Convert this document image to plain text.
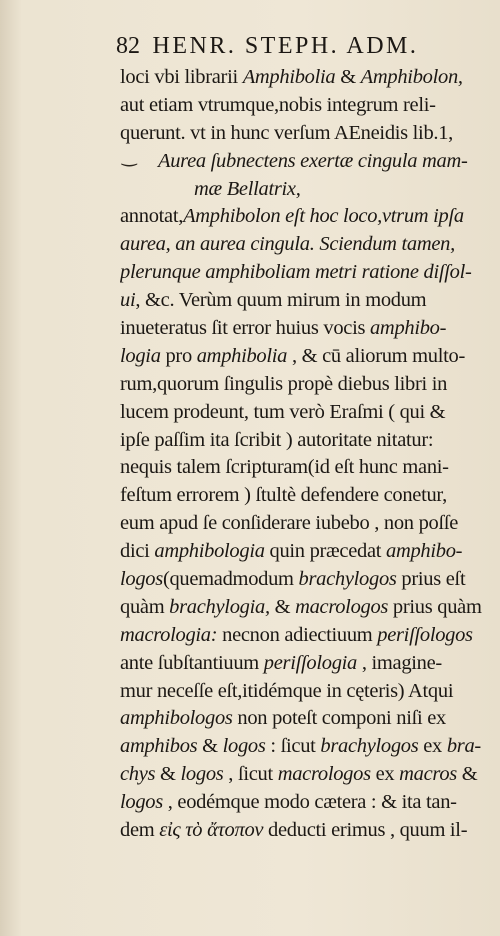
82 HENR. STEPH. ADM.
‿
loci vbi librarii Amphibolia & Amphibolon,
aut etiam vtrumque,nobis integrum reli-
querunt. vt in hunc verſum AEneidis lib.1,
Aurea ſubnectens exertæ cingula mam-
mæ Bellatrix,
annotat,Amphibolon eſt hoc loco,vtrum ipſa
aurea, an aurea cingula. Sciendum tamen,
plerunque amphiboliam metri ratione diſſol-
ui, &c. Verùm quum mirum in modum
inueteratus ſit error huius vocis amphibo-
logia pro amphibolia , & cū aliorum multo-
rum,quorum ſingulis propè diebus libri in
lucem prodeunt, tum verò Eraſmi ( qui &
ipſe paſſim ita ſcribit ) autoritate nitatur:
nequis talem ſcripturam(id eſt hunc mani-
feſtum errorem ) ſtultè defendere conetur,
eum apud ſe conſiderare iubebo , non poſſe
dici amphibologia quin præcedat amphibo-
logos(quemadmodum brachylogos prius eſt
quàm brachylogia, & macrologos prius quàm
macrologia: necnon adiectiuum periſſologos
ante ſubſtantiuum periſſologia , imagine-
mur neceſſe eſt,itidémque in cęteris) Atqui
amphibologos non poteſt componi niſi ex
amphibos & logos : ſicut brachylogos ex bra-
chys & logos , ſicut macrologos ex macros &
logos , eodémque modo cætera : & ita tan-
dem εἰς τὸ ἄτοπον deducti erimus , quum il-
